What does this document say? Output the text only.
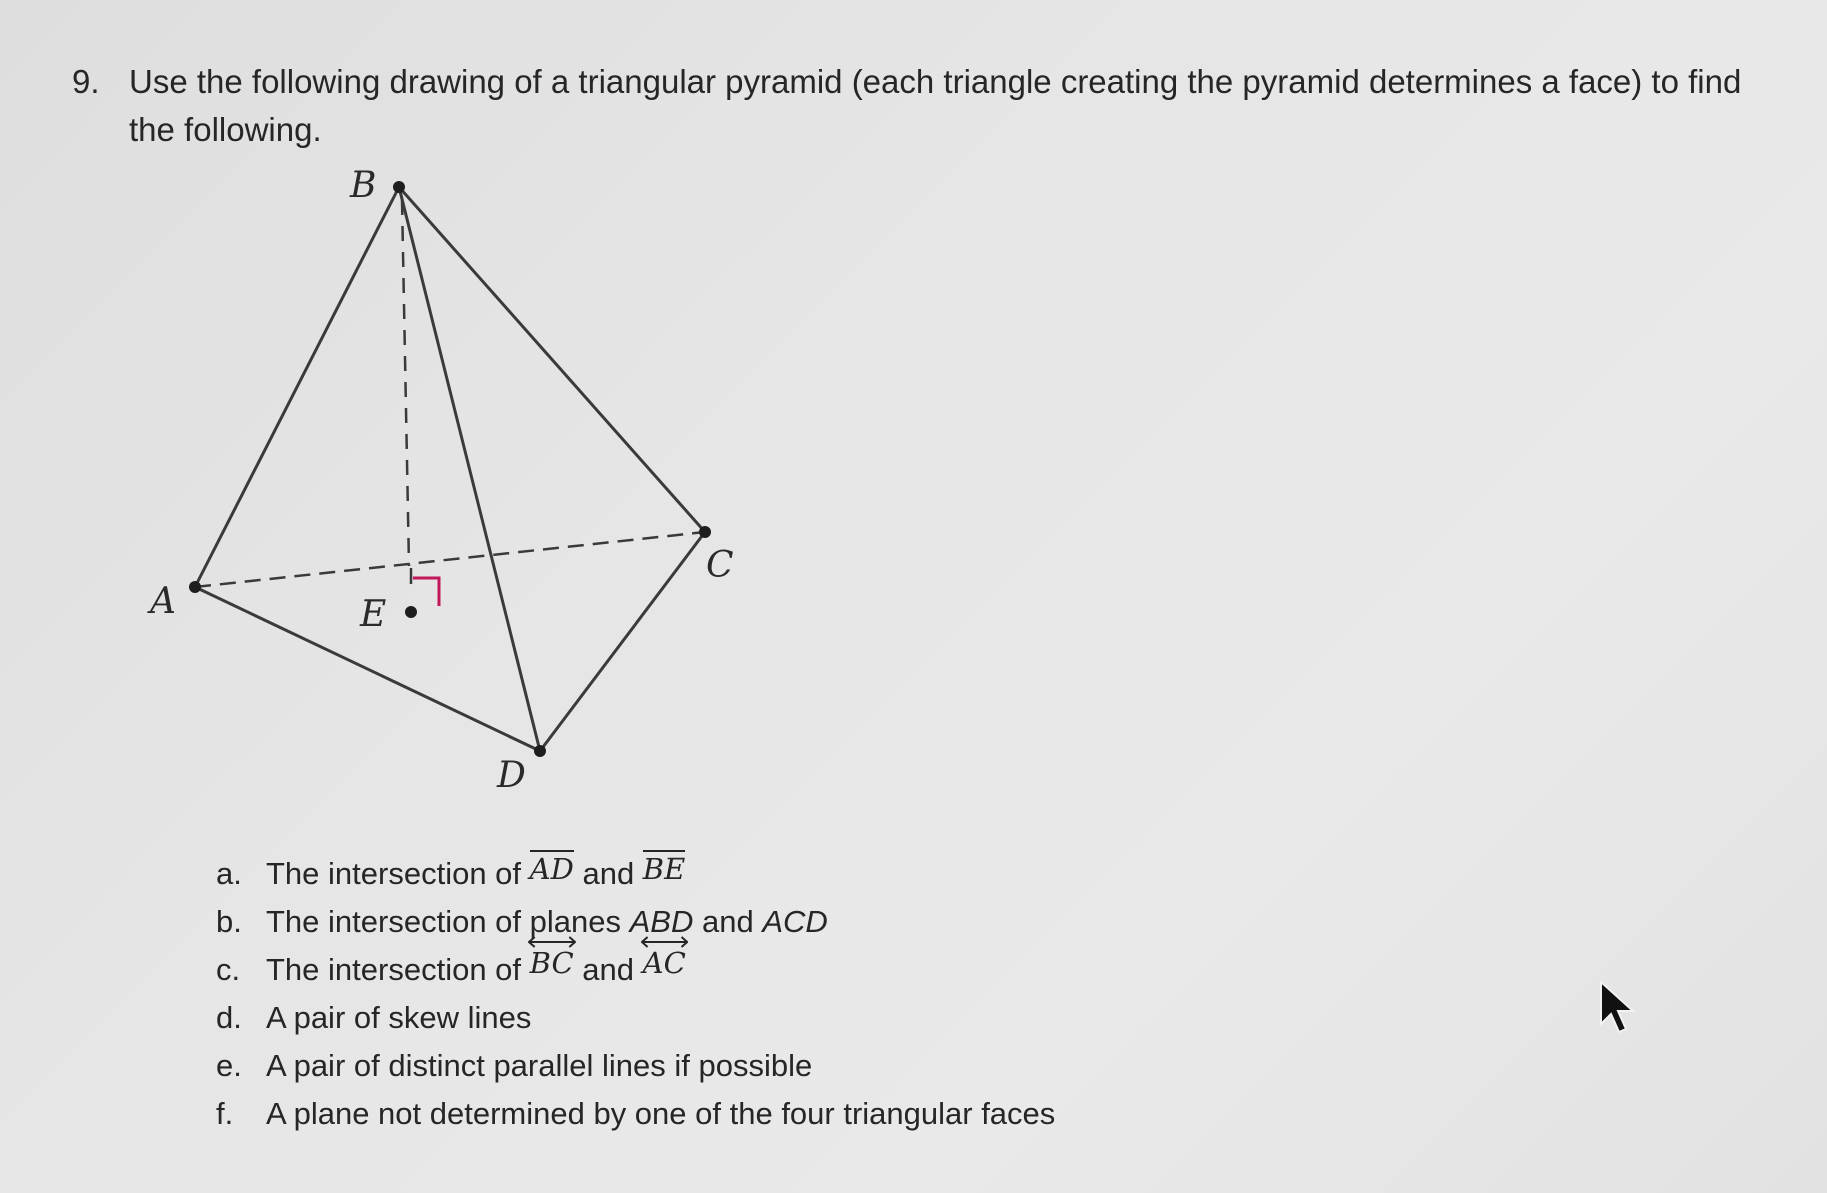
9. Use the following drawing of a triangular pyramid (each triangle creating the pyramid determines a face) to find the following.
B
A
C
D
E
a. The intersection of AD and BE
b. The intersection of planes ABD and ACD
c. The intersection of BC and AC
d. A pair of skew lines
e. A pair of distinct parallel lines if possible
f.	A plane not determined by one of the four triangular faces
